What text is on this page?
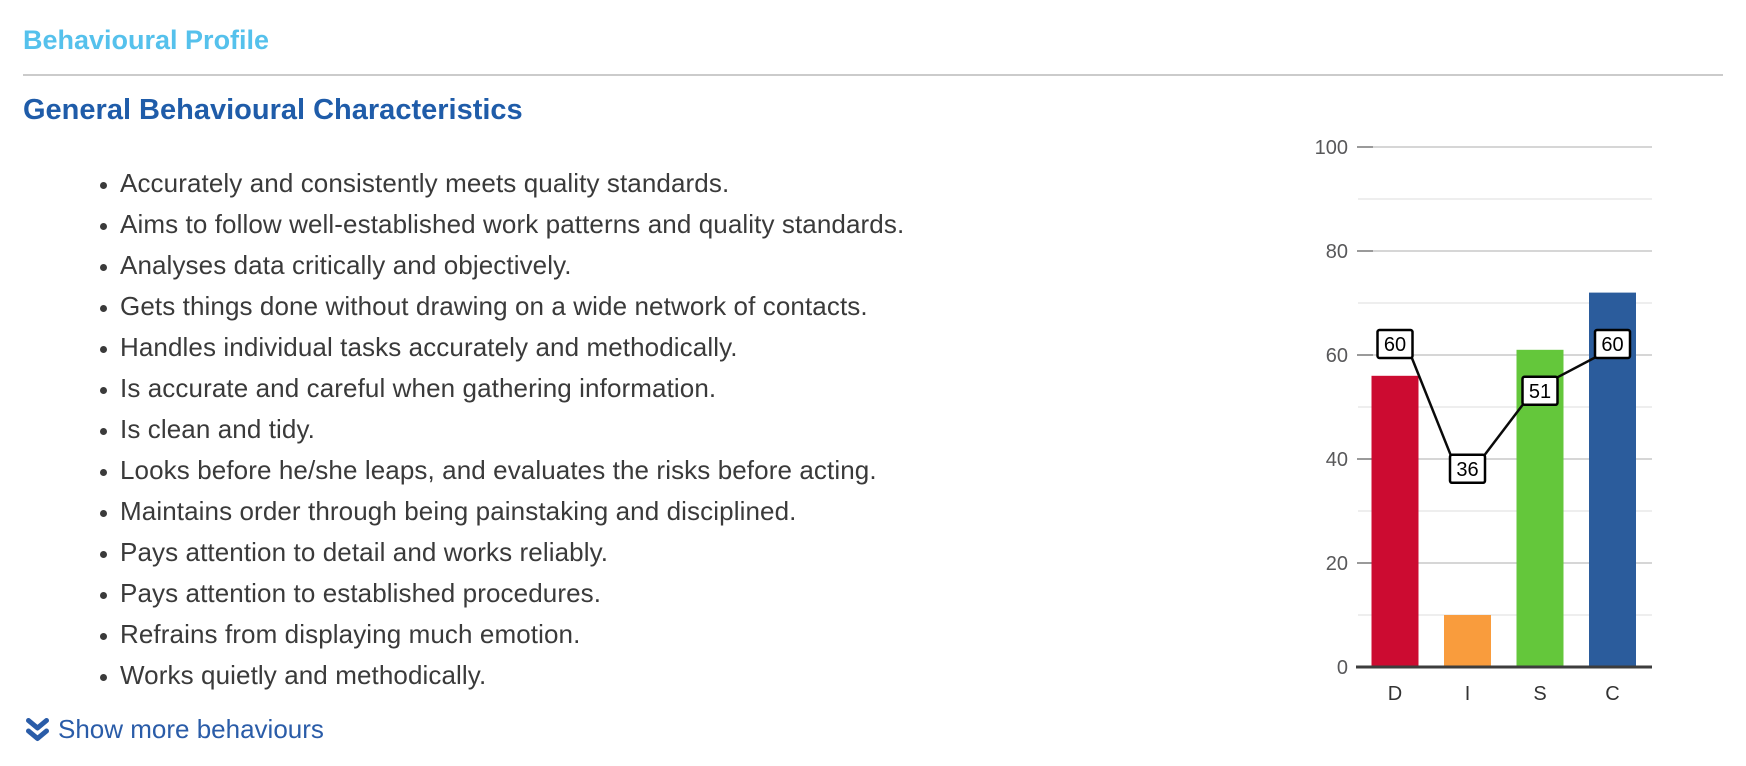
Behavioural Profile
General Behavioural Characteristics
• Accurately and consistently meets quality standards.
• Aims to follow well-established work patterns and quality standards.
• Analyses data critically and objectively.
• Gets things done without drawing on a wide network of contacts.
• Handles individual tasks accurately and methodically.
• Is accurate and careful when gathering information.
• Is clean and tidy.
• Looks before he/she leaps, and evaluates the risks before acting.
• Maintains order through being painstaking and disciplined.
• Pays attention to detail and works reliably.
• Pays attention to established procedures.
• Refrains from displaying much emotion.
• Works quietly and methodically.
Show more behaviours
0
20
40
60
80
100
D	I	S	C
60
36
51
60
